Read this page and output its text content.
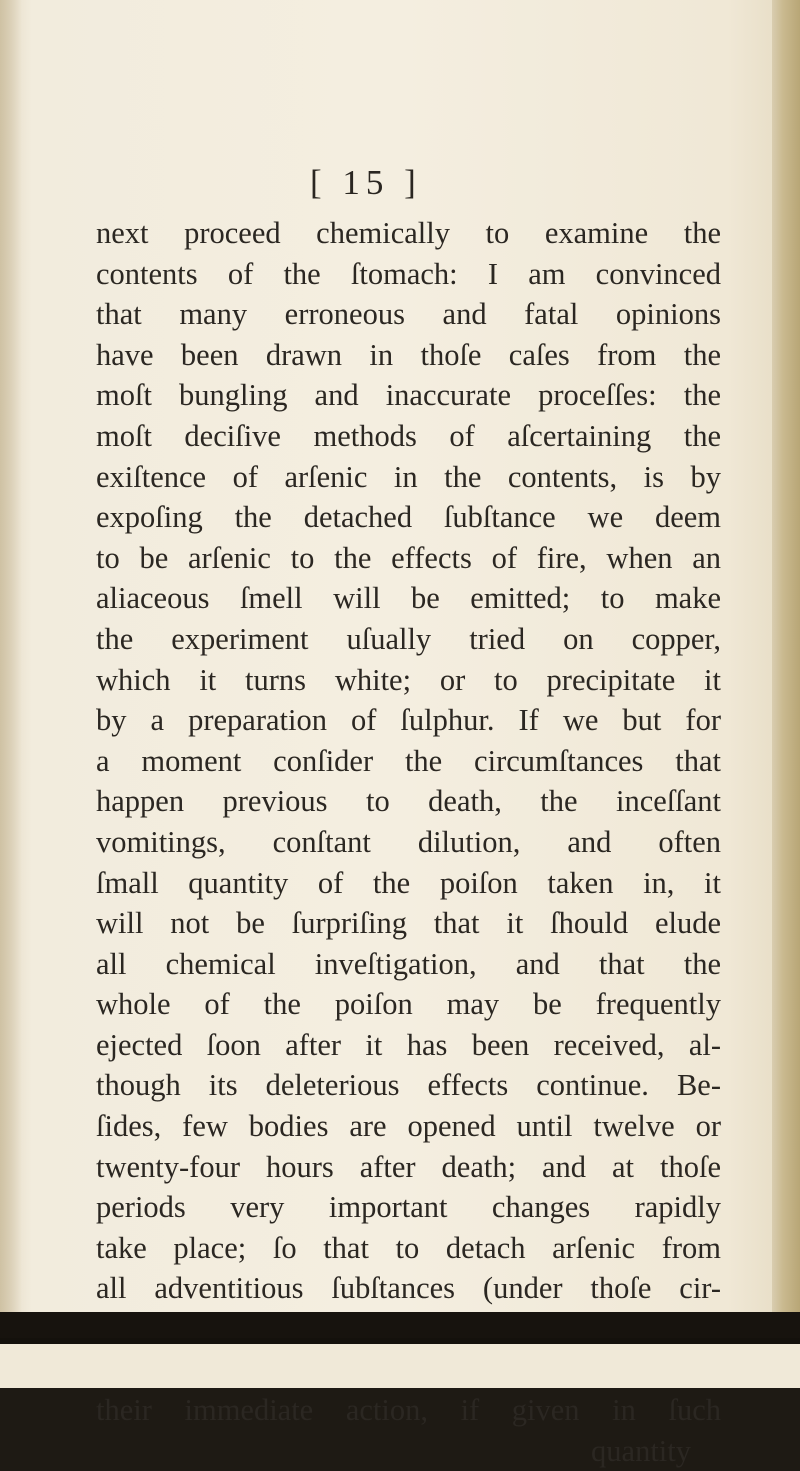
[ 15 ]
next proceed chemically to examine the
contents of the ſtomach: I am convinced
that many erroneous and fatal opinions
have been drawn in thoſe caſes from the
moſt bungling and inaccurate proceſſes: the
moſt deciſive methods of aſcertaining the
exiſtence of arſenic in the contents, is by
expoſing the detached ſubſtance we deem
to be arſenic to the effects of fire, when an
aliaceous ſmell will be emitted; to make
the experiment uſually tried on copper,
which it turns white; or to precipitate it
by a preparation of ſulphur. If we but for
a moment conſider the circumſtances that
happen previous to death, the inceſſant
vomitings, conſtant dilution, and often
ſmall quantity of the poiſon taken in, it
will not be ſurpriſing that it ſhould elude
all chemical inveſtigation, and that the
whole of the poiſon may be frequently
ejected ſoon after it has been received, al-
though its deleterious effects continue. Be-
ſides, few bodies are opened until twelve or
twenty-four hours after death; and at thoſe
periods very important changes rapidly
take place; ſo that to detach arſenic from
all adventitious ſubſtances (under thoſe cir-
their immediate action, if given in ſuch
quantity
